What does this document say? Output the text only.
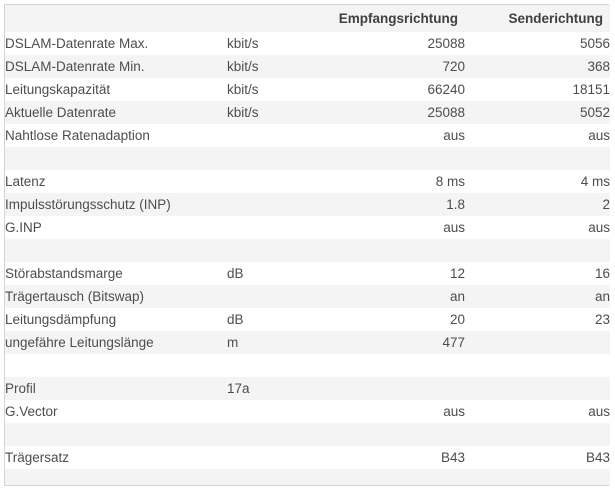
		Empfangsrichtung	Senderichtung
DSLAM-Datenrate Max.	kbit/s	25088	5056
DSLAM-Datenrate Min.	kbit/s	720	368
Leitungskapazität	kbit/s	66240	18151
Aktuelle Datenrate	kbit/s	25088	5052
Nahtlose Ratenadaption		aus	aus

Latenz		8 ms	4 ms
Impulsstörungsschutz (INP)		1.8	2
G.INP		aus	aus

Störabstandsmarge	dB	12	16
Trägertausch (Bitswap)		an	an
Leitungsdämpfung	dB	20	23
ungefähre Leitungslänge	m	477	

Profil	17a		
G.Vector		aus	aus

Trägersatz		B43	B43
